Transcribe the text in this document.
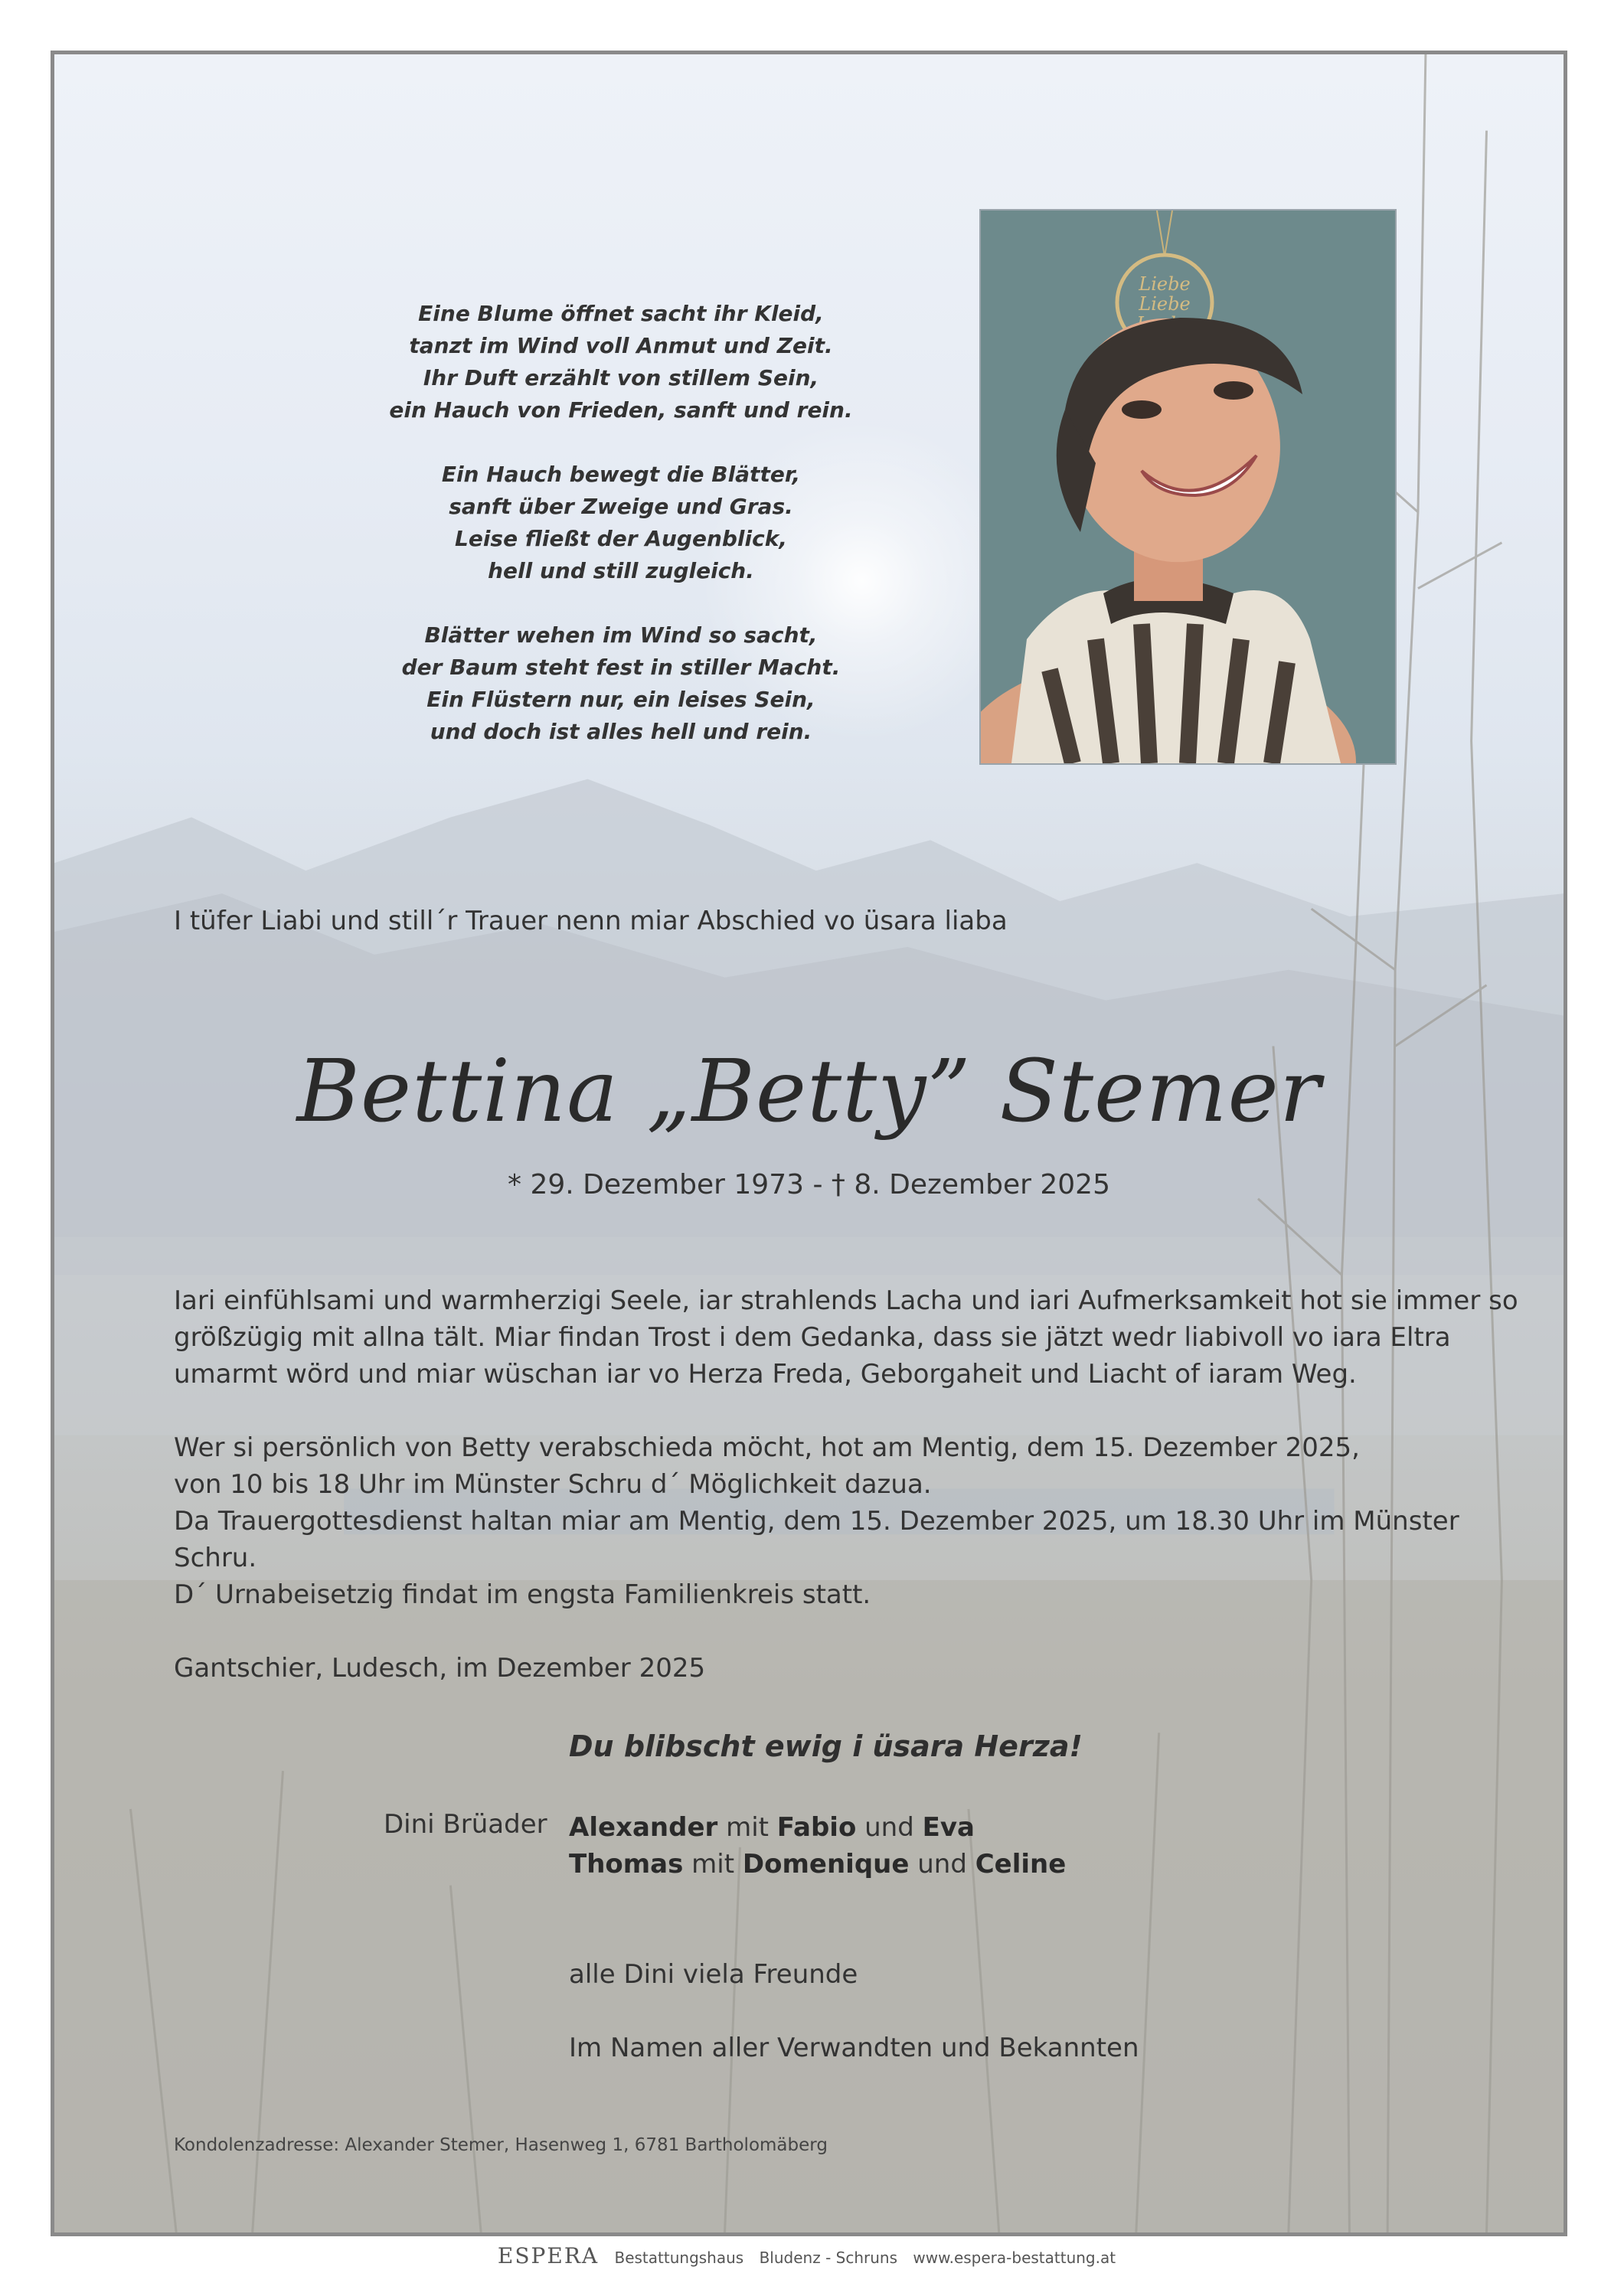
Eine Blume öffnet sacht ihr Kleid,
tanzt im Wind voll Anmut und Zeit.
Ihr Duft erzählt von stillem Sein,
ein Hauch von Frieden, sanft und rein.
Ein Hauch bewegt die Blätter,
sanft über Zweige und Gras.
Leise fließt der Augenblick,
hell und still zugleich.
Blätter wehen im Wind so sacht,
der Baum steht fest in stiller Macht.
Ein Flüstern nur, ein leises Sein,
und doch ist alles hell und rein.
Liebe
Liebe
I tüfer Liabi und still´r Trauer nenn miar Abschied vo üsara liaba
Bettina „Betty” Stemer
* 29. Dezember 1973 - † 8. Dezember 2025

Iari einfühlsami und warmherzigi Seele, iar strahlends Lacha und iari Aufmerksamkeit hot sie immer so
größzügig mit allna tält. Miar findan Trost i dem Gedanka, dass sie jätzt wedr liabivoll vo iara Eltra
umarmt wörd und miar wüschan iar vo Herza Freda, Geborgaheit und Liacht of iaram Weg.

Wer si persönlich von Betty verabschieda möcht, hot am Mentig, dem 15. Dezember 2025,
von 10 bis 18 Uhr im Münster Schru d´ Möglichkeit dazua.
Da Trauergottesdienst haltan miar am Mentig, dem 15. Dezember 2025, um 18.30 Uhr im Münster Schru.
D´ Urnabeisetzig findat im engsta Familienkreis statt.

Gantschier, Ludesch, im Dezember 2025

Du blibscht ewig i üsara Herza!
Dini Brüader Alexander mit Fabio und Eva
Thomas mit Domenique und Celine
alle Dini viela Freunde
Im Namen aller Verwandten und Bekannten
Kondolenzadresse: Alexander Stemer, Hasenweg 1, 6781 Bartholomäberg
ESPERA Bestattungshaus Bludenz - Schruns www.espera-bestattung.at
